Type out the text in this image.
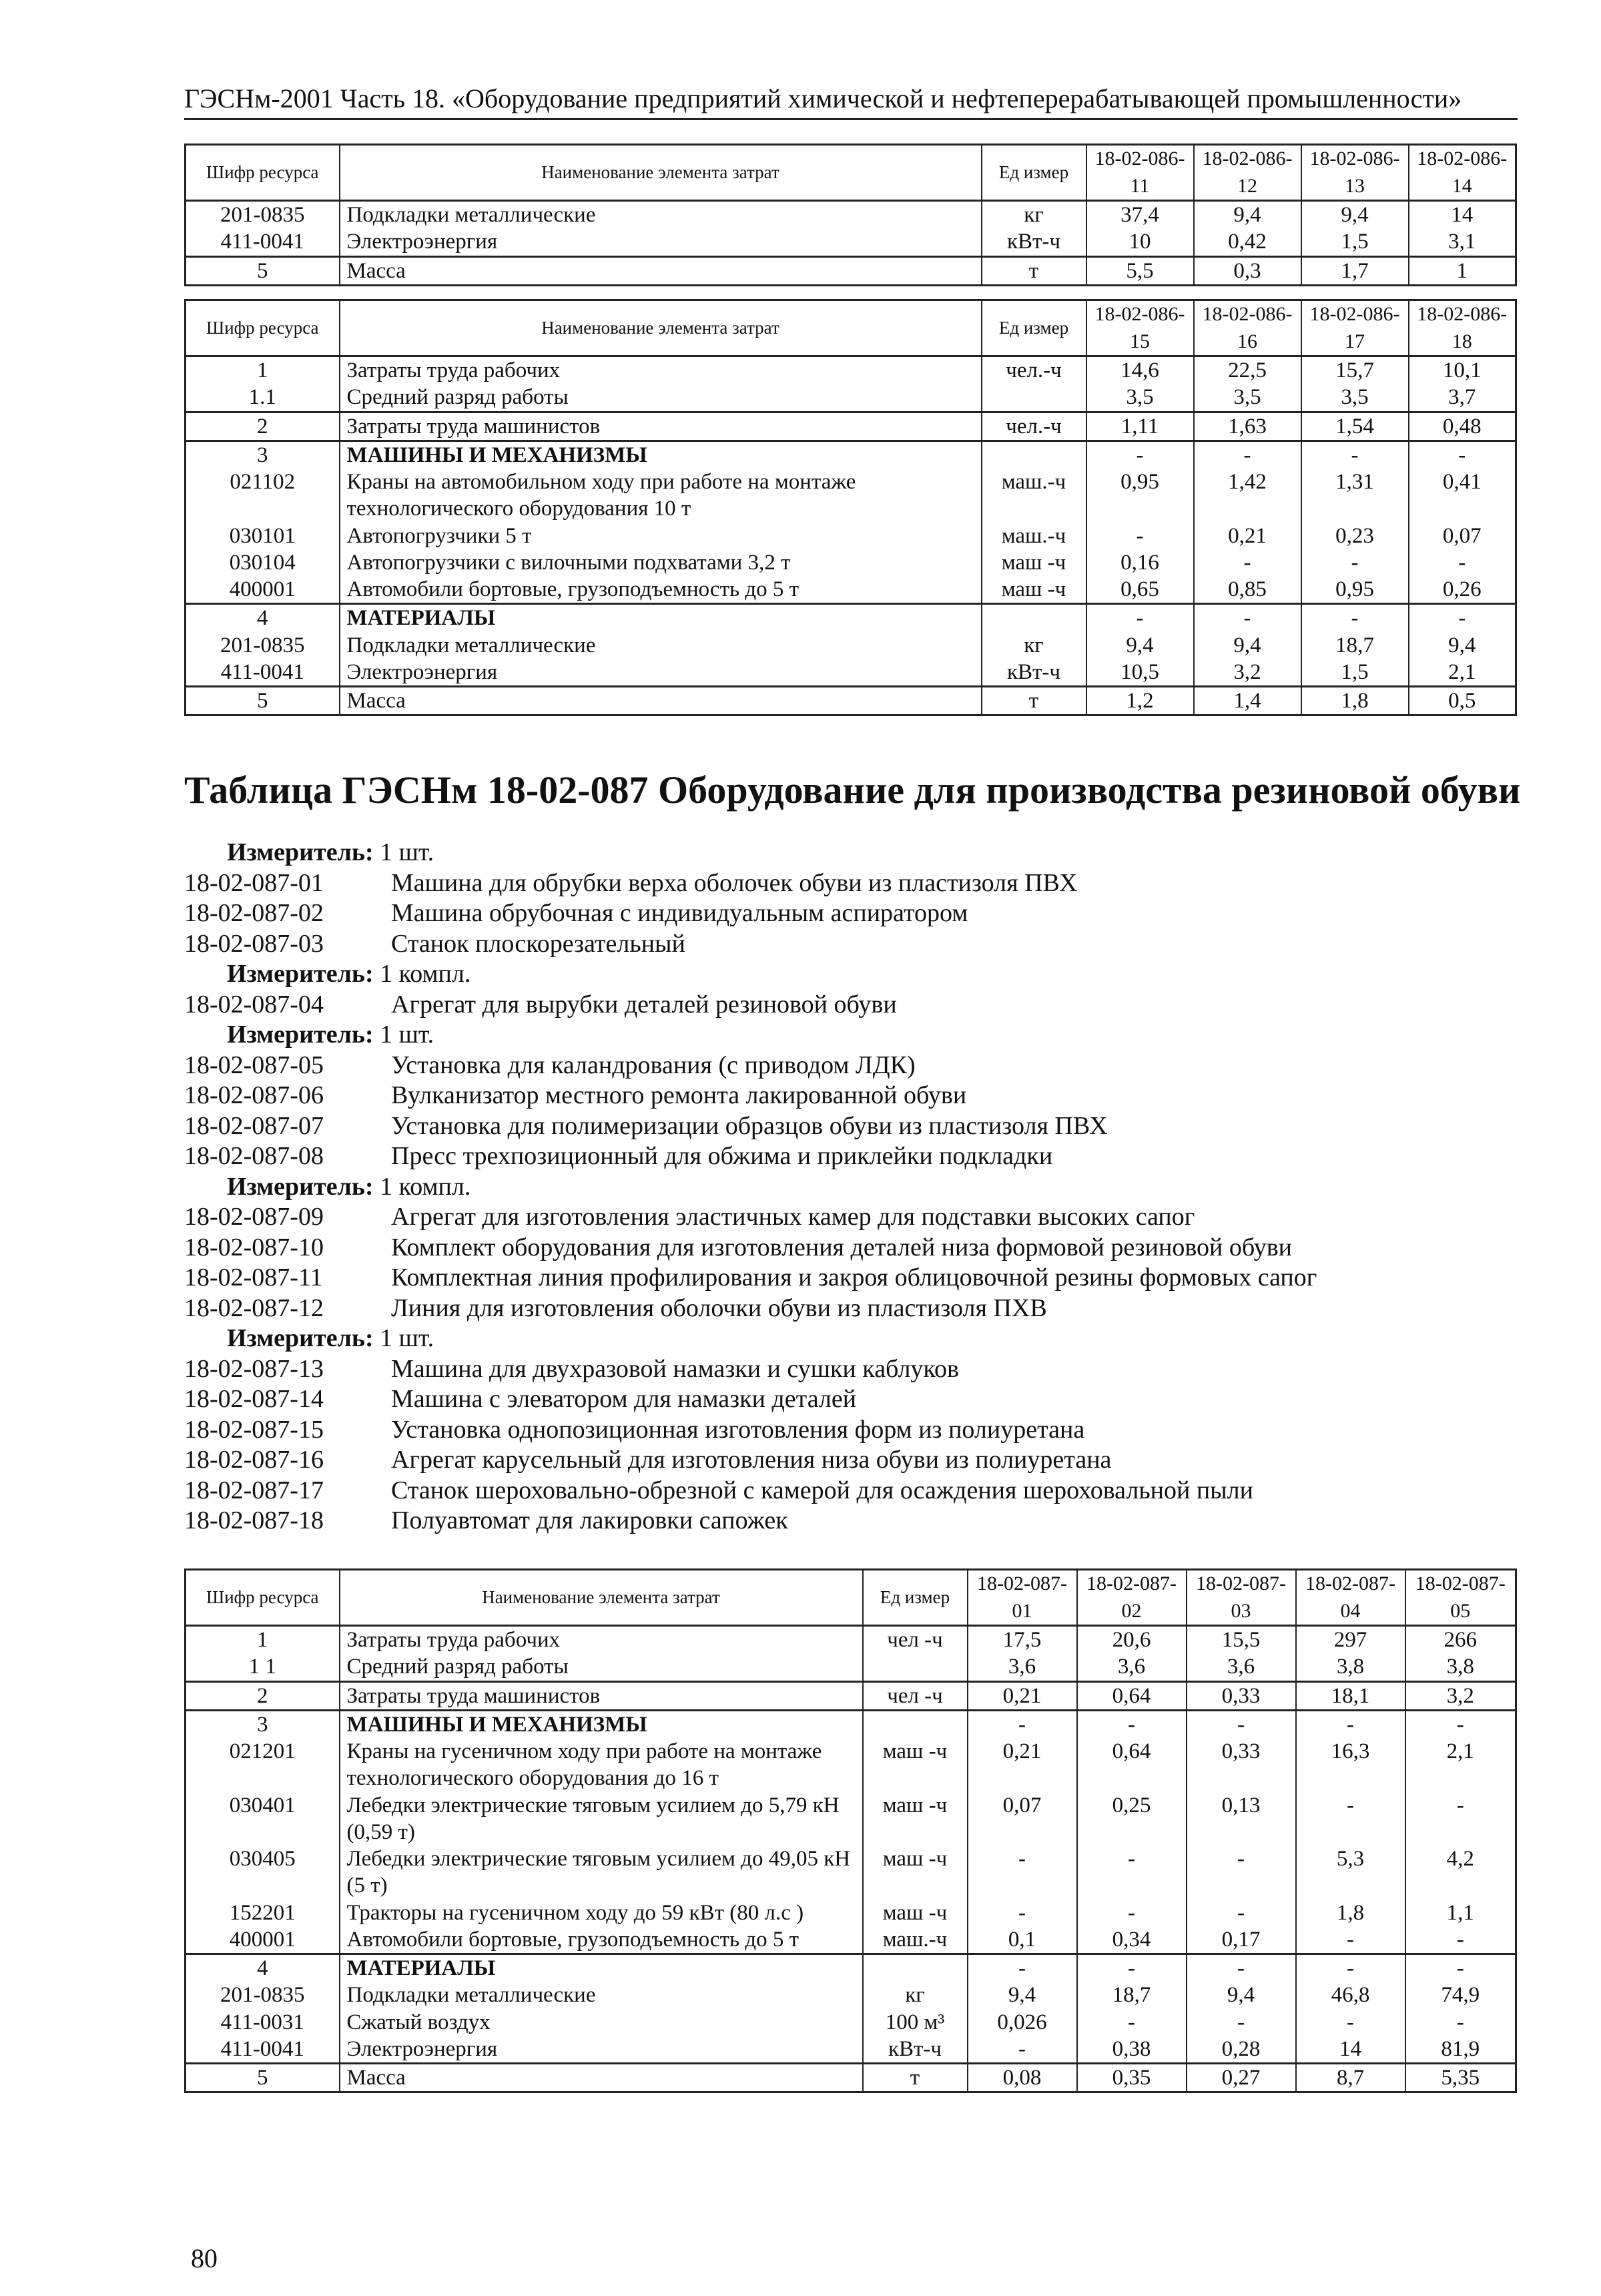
ГЭСНм-2001 Часть 18. «Оборудование предприятий химической и нефтеперерабатывающей промышленности»
Шифр ресурса	Наименование элемента затрат	Ед измер	18-02-086-11	18-02-086-12	18-02-086-13	18-02-086-14
201-0835	Подкладки металлические	кг	37,4	9,4	9,4	14
411-0041	Электроэнергия	кВт-ч	10	0,42	1,5	3,1
5	Масса	т	5,5	0,3	1,7	1
Шифр ресурса	Наименование элемента затрат	Ед измер	18-02-086-15	18-02-086-16	18-02-086-17	18-02-086-18
1	Затраты труда рабочих	чел.-ч	14,6	22,5	15,7	10,1
1.1	Средний разряд работы		3,5	3,5	3,5	3,7
2	Затраты труда машинистов	чел.-ч	1,11	1,63	1,54	0,48
3	МАШИНЫ И МЕХАНИЗМЫ		-	-	-	-
021102	Краны на автомобильном ходу при работе на монтаже технологического оборудования 10 т	маш.-ч	0,95	1,42	1,31	0,41
030101	Автопогрузчики 5 т	маш.-ч	-	0,21	0,23	0,07
030104	Автопогрузчики с вилочными подхватами 3,2 т	маш -ч	0,16	-	-	-
400001	Автомобили бортовые, грузоподъемность до 5 т	маш -ч	0,65	0,85	0,95	0,26
4	МАТЕРИАЛЫ		-	-	-	-
201-0835	Подкладки металлические	кг	9,4	9,4	18,7	9,4
411-0041	Электроэнергия	кВт-ч	10,5	3,2	1,5	2,1
5	Масса	т	1,2	1,4	1,8	0,5
Таблица ГЭСНм 18-02-087 Оборудование для производства резиновой обуви
Измеритель: 1 шт.
18-02-087-01	Машина для обрубки верха оболочек обуви из пластизоля ПВХ
18-02-087-02	Машина обрубочная с индивидуальным аспиратором
18-02-087-03	Станок плоскорезательный
Измеритель: 1 компл.
18-02-087-04	Агрегат для вырубки деталей резиновой обуви
Измеритель: 1 шт.
18-02-087-05	Установка для каландрования (с приводом ЛДК)
18-02-087-06	Вулканизатор местного ремонта лакированной обуви
18-02-087-07	Установка для полимеризации образцов обуви из пластизоля ПВХ
18-02-087-08	Пресс трехпозиционный для обжима и приклейки подкладки
Измеритель: 1 компл.
18-02-087-09	Агрегат для изготовления эластичных камер для подставки высоких сапог
18-02-087-10	Комплект оборудования для изготовления деталей низа формовой резиновой обуви
18-02-087-11	Комплектная линия профилирования и закроя облицовочной резины формовых сапог
18-02-087-12	Линия для изготовления оболочки обуви из пластизоля ПХВ
Измеритель: 1 шт.
18-02-087-13	Машина для двухразовой намазки и сушки каблуков
18-02-087-14	Машина с элеватором для намазки деталей
18-02-087-15	Установка однопозиционная изготовления форм из полиуретана
18-02-087-16	Агрегат карусельный для изготовления низа обуви из полиуретана
18-02-087-17	Станок шероховально-обрезной с камерой для осаждения шероховальной пыли
18-02-087-18	Полуавтомат для лакировки сапожек
Шифр ресурса	Наименование элемента затрат	Ед измер	18-02-087-01	18-02-087-02	18-02-087-03	18-02-087-04	18-02-087-05
1	Затраты труда рабочих	чел -ч	17,5	20,6	15,5	297	266
1 1	Средний разряд работы		3,6	3,6	3,6	3,8	3,8
2	Затраты труда машинистов	чел -ч	0,21	0,64	0,33	18,1	3,2
3	МАШИНЫ И МЕХАНИЗМЫ		-	-	-	-	-
021201	Краны на гусеничном ходу при работе на монтаже технологического оборудования до 16 т	маш -ч	0,21	0,64	0,33	16,3	2,1
030401	Лебедки электрические тяговым усилием до 5,79 кН (0,59 т)	маш -ч	0,07	0,25	0,13	-	-
030405	Лебедки электрические тяговым усилием до 49,05 кН (5 т)	маш -ч	-	-	-	5,3	4,2
152201	Тракторы на гусеничном ходу до 59 кВт (80 л.с )	маш -ч	-	-	-	1,8	1,1
400001	Автомобили бортовые, грузоподъемность до 5 т	маш.-ч	0,1	0,34	0,17	-	-
4	МАТЕРИАЛЫ		-	-	-	-	-
201-0835	Подкладки металлические	кг	9,4	18,7	9,4	46,8	74,9
411-0031	Сжатый воздух	100 м³	0,026	-	-	-	-
411-0041	Электроэнергия	кВт-ч	-	0,38	0,28	14	81,9
5	Масса	т	0,08	0,35	0,27	8,7	5,35
80
